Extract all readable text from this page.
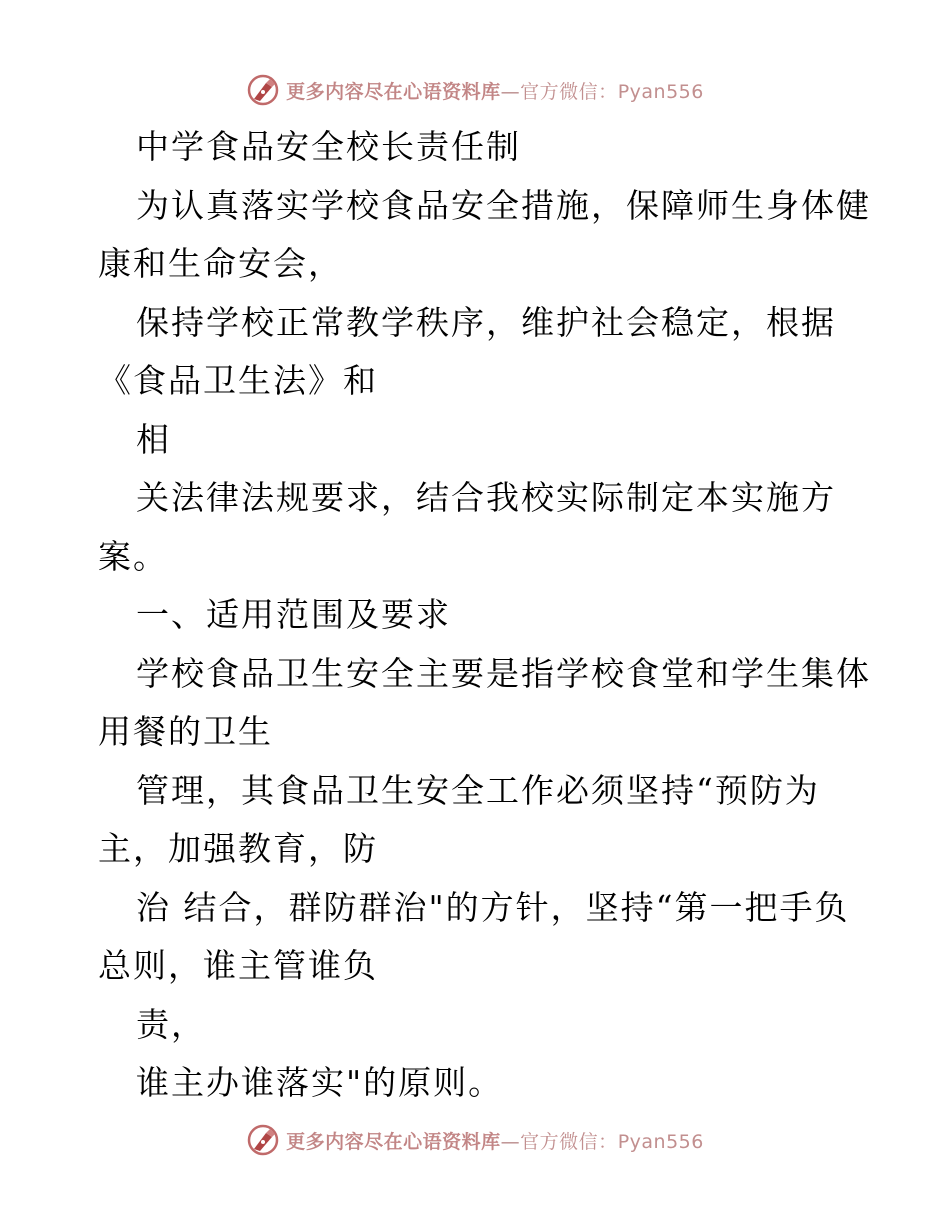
更多内容尽在心语资料库—官方微信：Pyan556
中学食品安全校长责任制
为认真落实学校食品安全措施，保障师生身体健
康和生命安会，
保持学校正常教学秩序，维护社会稳定，根据
《食品卫生法》和
相
关法律法规要求，结合我校实际制定本实施方
案。
一、适用范围及要求
学校食品卫生安全主要是指学校食堂和学生集体
用餐的卫生
管理，其食品卫生安全工作必须坚持“预防为
主，加强教育，防
治 结合，群防群治"的方针，坚持“第一把手负
总则，谁主管谁负
责，
谁主办谁落实"的原则。
更多内容尽在心语资料库—官方微信：Pyan556
